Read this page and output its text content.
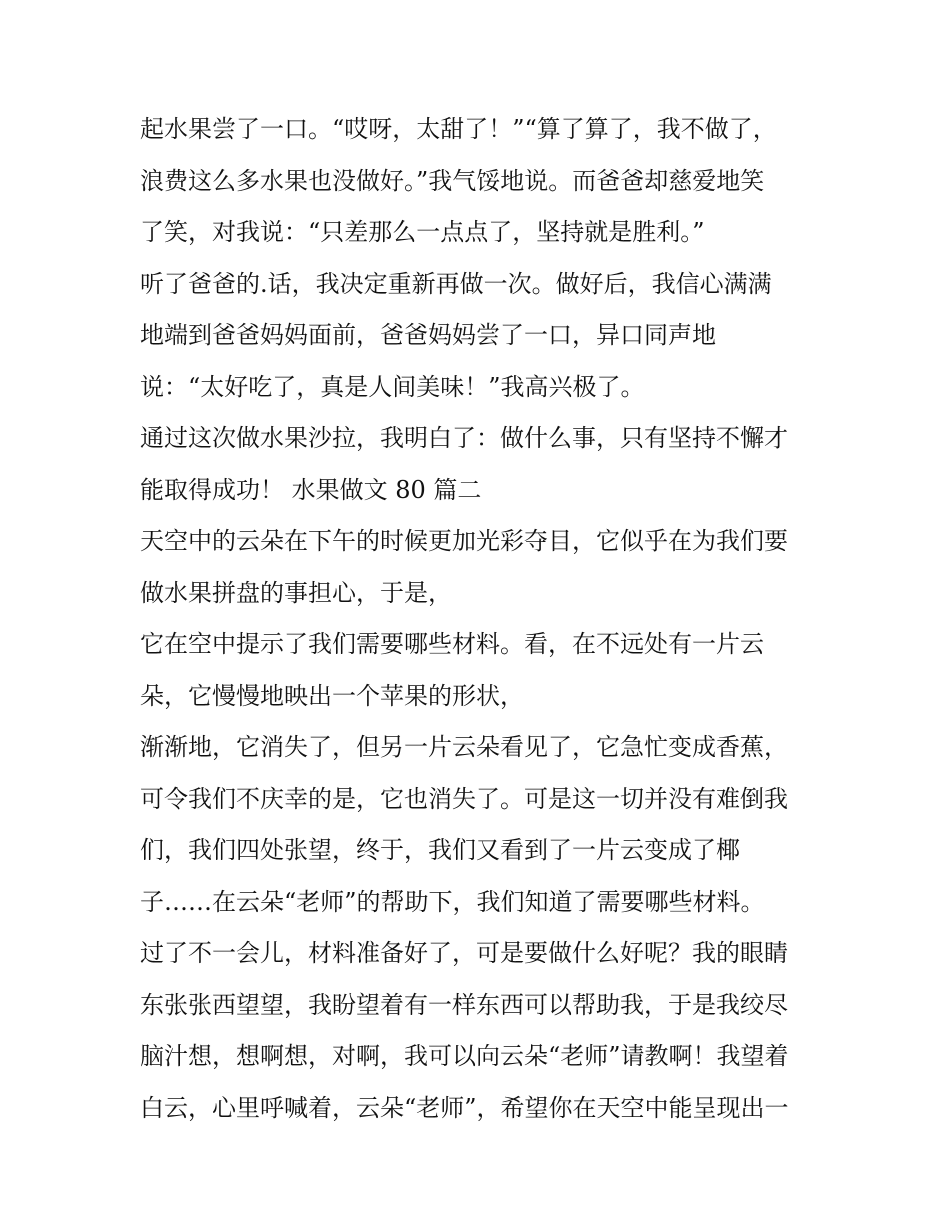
起水果尝了一口。“哎呀，太甜了！”“算了算了，我不做了，
浪费这么多水果也没做好。”我气馁地说。而爸爸却慈爱地笑
了笑，对我说：“只差那么一点点了，坚持就是胜利。”
听了爸爸的.话，我决定重新再做一次。做好后，我信心满满
地端到爸爸妈妈面前，爸爸妈妈尝了一口，异口同声地
说：“太好吃了，真是人间美味！”我高兴极了。
通过这次做水果沙拉，我明白了：做什么事，只有坚持不懈才
能取得成功！ 水果做文 80 篇二
天空中的云朵在下午的时候更加光彩夺目，它似乎在为我们要
做水果拼盘的事担心，于是，
它在空中提示了我们需要哪些材料。看，在不远处有一片云
朵，它慢慢地映出一个苹果的形状，
渐渐地，它消失了，但另一片云朵看见了，它急忙变成香蕉，
可令我们不庆幸的是，它也消失了。可是这一切并没有难倒我
们，我们四处张望，终于，我们又看到了一片云变成了椰
子……在云朵“老师”的帮助下，我们知道了需要哪些材料。
过了不一会儿，材料准备好了，可是要做什么好呢？我的眼睛
东张张西望望，我盼望着有一样东西可以帮助我，于是我绞尽
脑汁想，想啊想，对啊，我可以向云朵“老师”请教啊！我望着
白云，心里呼喊着，云朵“老师”，希望你在天空中能呈现出一
